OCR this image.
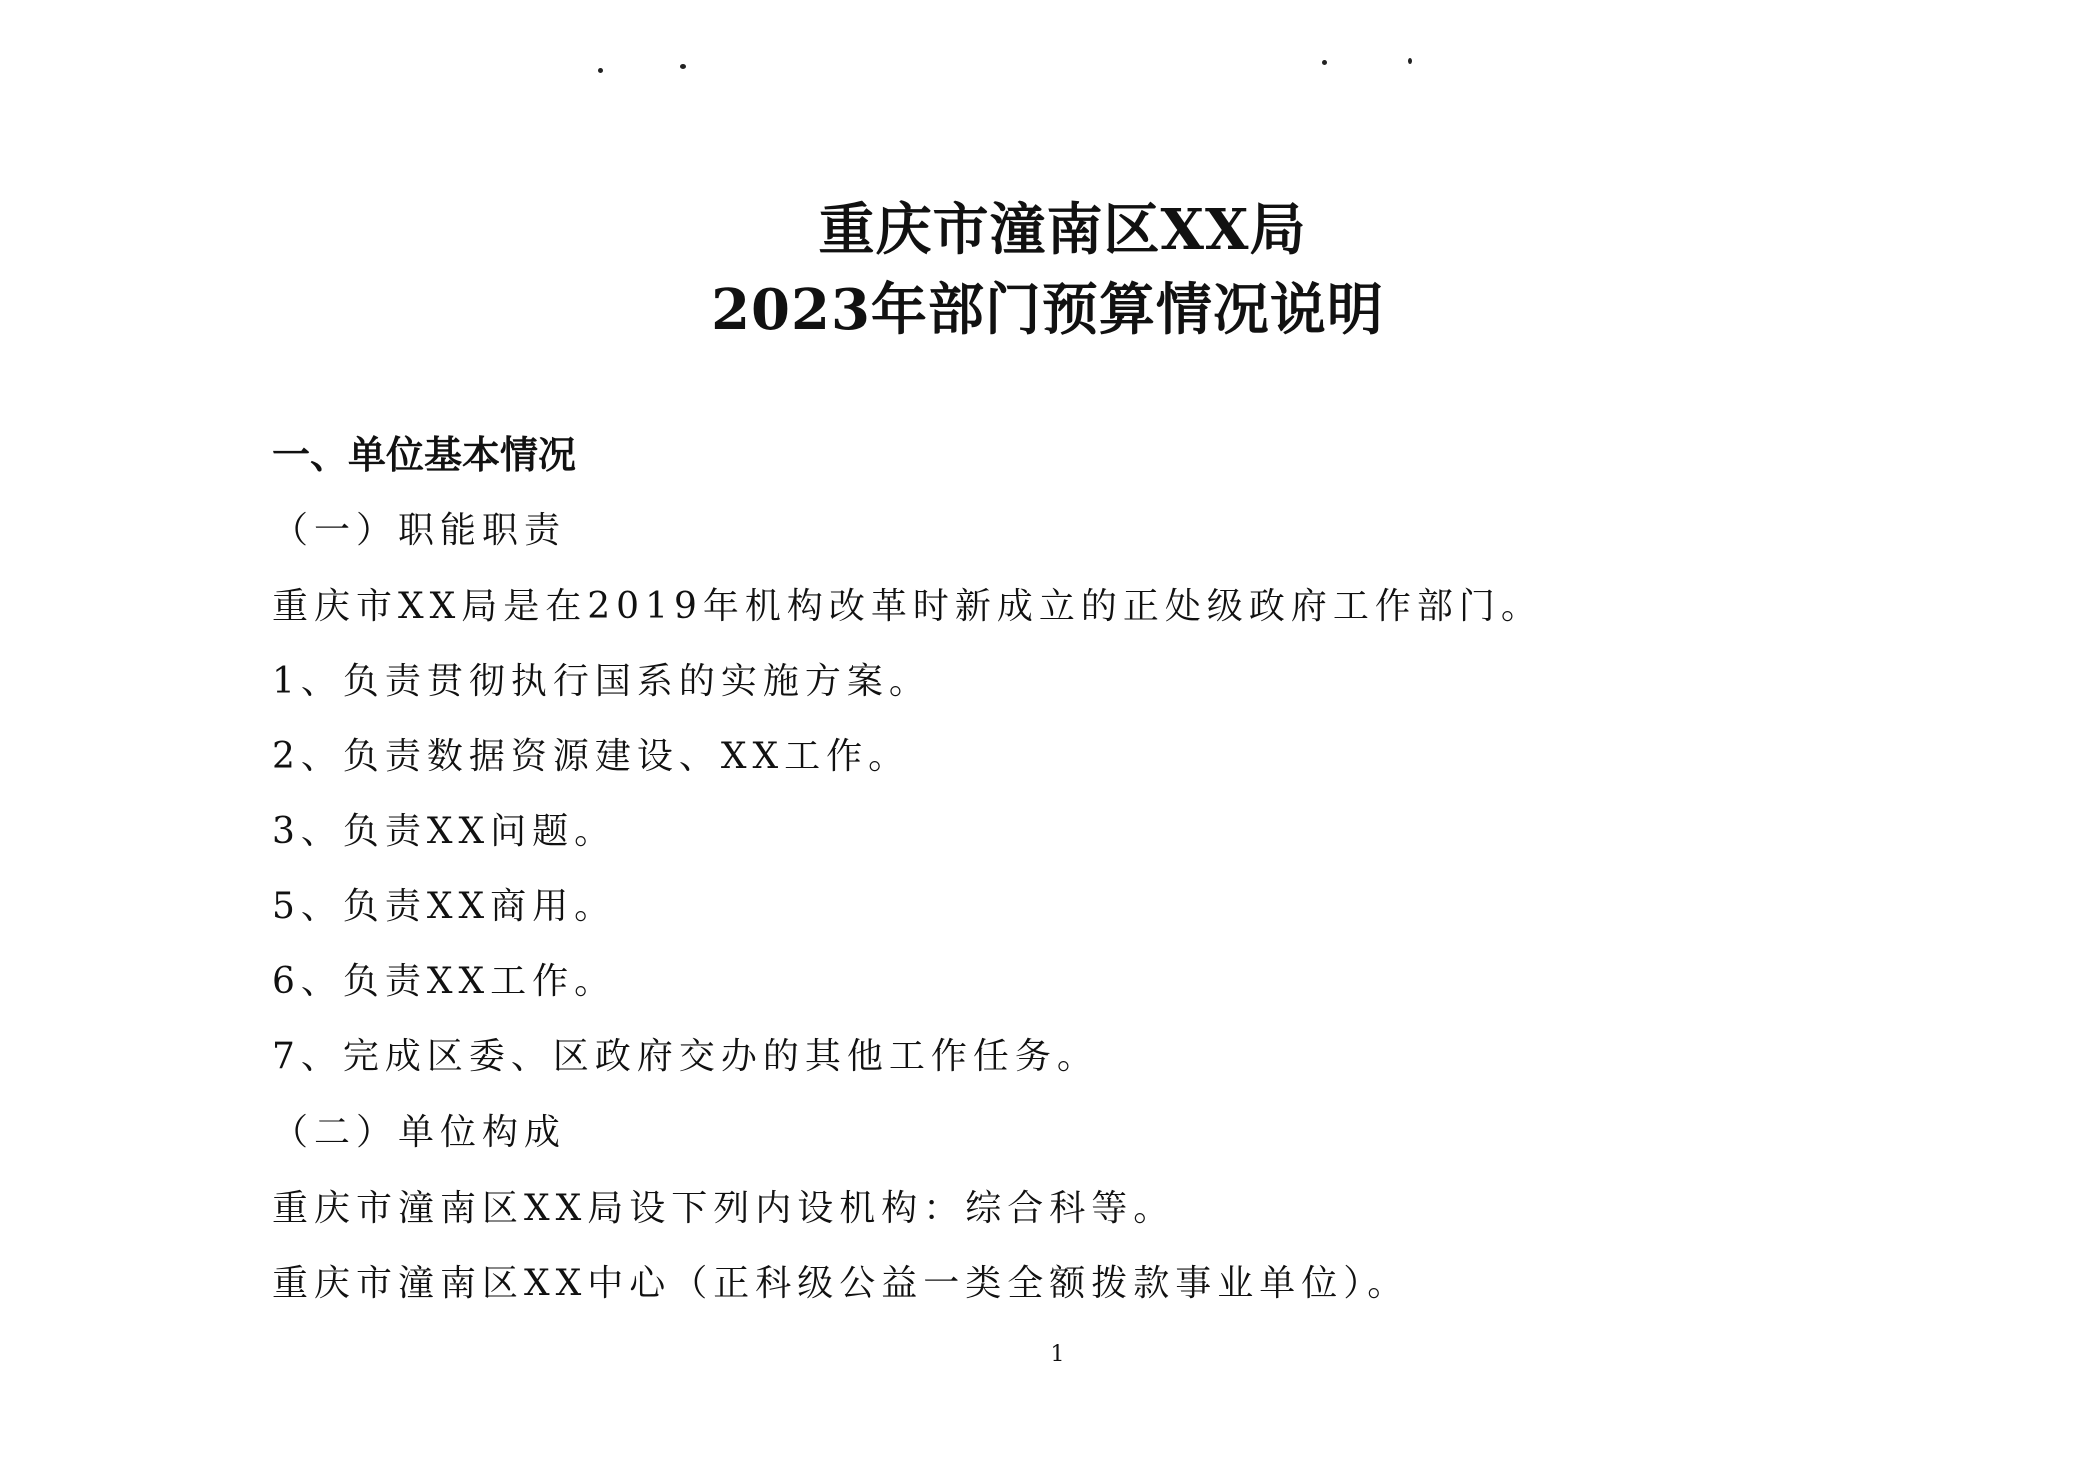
重庆市潼南区XX局
2023年部门预算情况说明
一、单位基本情况
（一）职能职责
重庆市XX局是在2019年机构改革时新成立的正处级政府工作部门。
1、负责贯彻执行国系的实施方案。
2、负责数据资源建设、XX工作。
3、负责XX问题。
5、负责XX商用。
6、负责XX工作。
7、完成区委、区政府交办的其他工作任务。
（二）单位构成
重庆市潼南区XX局设下列内设机构：综合科等。
重庆市潼南区XX中心（正科级公益一类全额拨款事业单位）。
1
